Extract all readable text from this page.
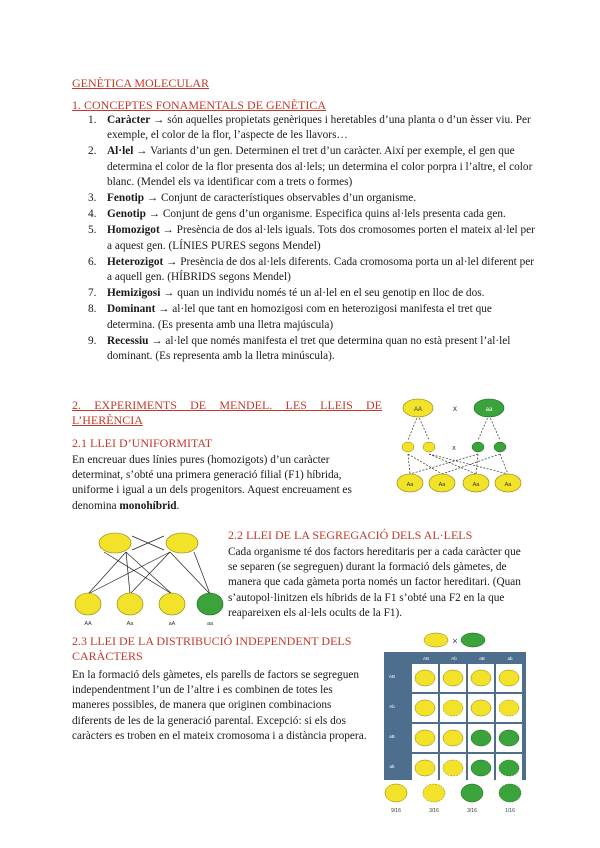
GENÈTICA MOLECULAR
1. CONCEPTES FONAMENTALS DE GENÈTICA
1. Caràcter → són aquelles propietats genèriques i heretables d’una planta o d’un èsser viu. Per exemple, el color de la flor, l’aspecte de les llavors…
2. Al·lel → Variants d’un gen. Determinen el tret d’un caràcter. Així per exemple, el gen que determina el color de la flor presenta dos al·lels; un determina el color porpra i l’altre, el color blanc. (Mendel els va identificar com a trets o formes)
3. Fenotip → Conjunt de característiques observables d’un organisme.
4. Genotip → Conjunt de gens d’un organisme. Especifica quins al·lels presenta cada gen.
5. Homozigot → Presència de dos al·lels iguals. Tots dos cromosomes porten el mateix al·lel per a aquest gen. (LÍNIES PURES segons Mendel)
6. Heterozigot → Presència de dos al·lels diferents. Cada cromosoma porta un al·lel diferent per a aquell gen. (HÍBRIDS segons Mendel)
7. Hemizigosi → quan un individu només té un al·lel en el seu genotip en lloc de dos.
8. Dominant → al·lel que tant en homozigosi com en heterozigosi manifesta el tret que determina. (Es presenta amb una lletra majúscula)
9. Recessiu → al·lel que només manifesta el tret que determina quan no està present l’al·lel dominant. (Es representa amb la lletra minúscula).
2. EXPERIMENTS DE MENDEL. LES LLEIS DE L’HERÈNCIA
2.1 LLEI D’UNIFORMITAT

En encreuar dues línies pures (homozigots) d’un caràcter determinat, s’obté una primera generació filial (F1) híbrida, uniforme i igual a un dels progenitors. Aquest encreuament es denomina monohíbrid.

2.2 LLEI DE LA SEGREGACIÓ DELS AL·LELS
Cada organisme té dos factors hereditaris per a cada caràcter que se separen (se segreguen) durant la formació dels gàmetes, de manera que cada gàmeta porta només un factor hereditari. (Quan s’autopol·linitzen els híbrids de la F1 s’obté una F2 en la que reapareixen els al·lels ocults de la F1).
2.3 LLEI DE LA DISTRIBUCIÓ INDEPENDENT DELS CARÀCTERS
En la formació dels gàmetes, els parells de factors se segreguen independentment l’un de l’altre i es combinen de totes les maneres possibles, de manera que originen combinacions diferents de les de la generació parental. Excepció: si els dos caràcters es troben en el mateix cromosoma i a distància propera.
AA	x	aa
x
Aa	Aa	Aa	Aa
AA	Aa	aA	aa
×
AB	Ab	aB	ab
AB
Ab
aB
ab
9/16	3/16	3/16	1/16
